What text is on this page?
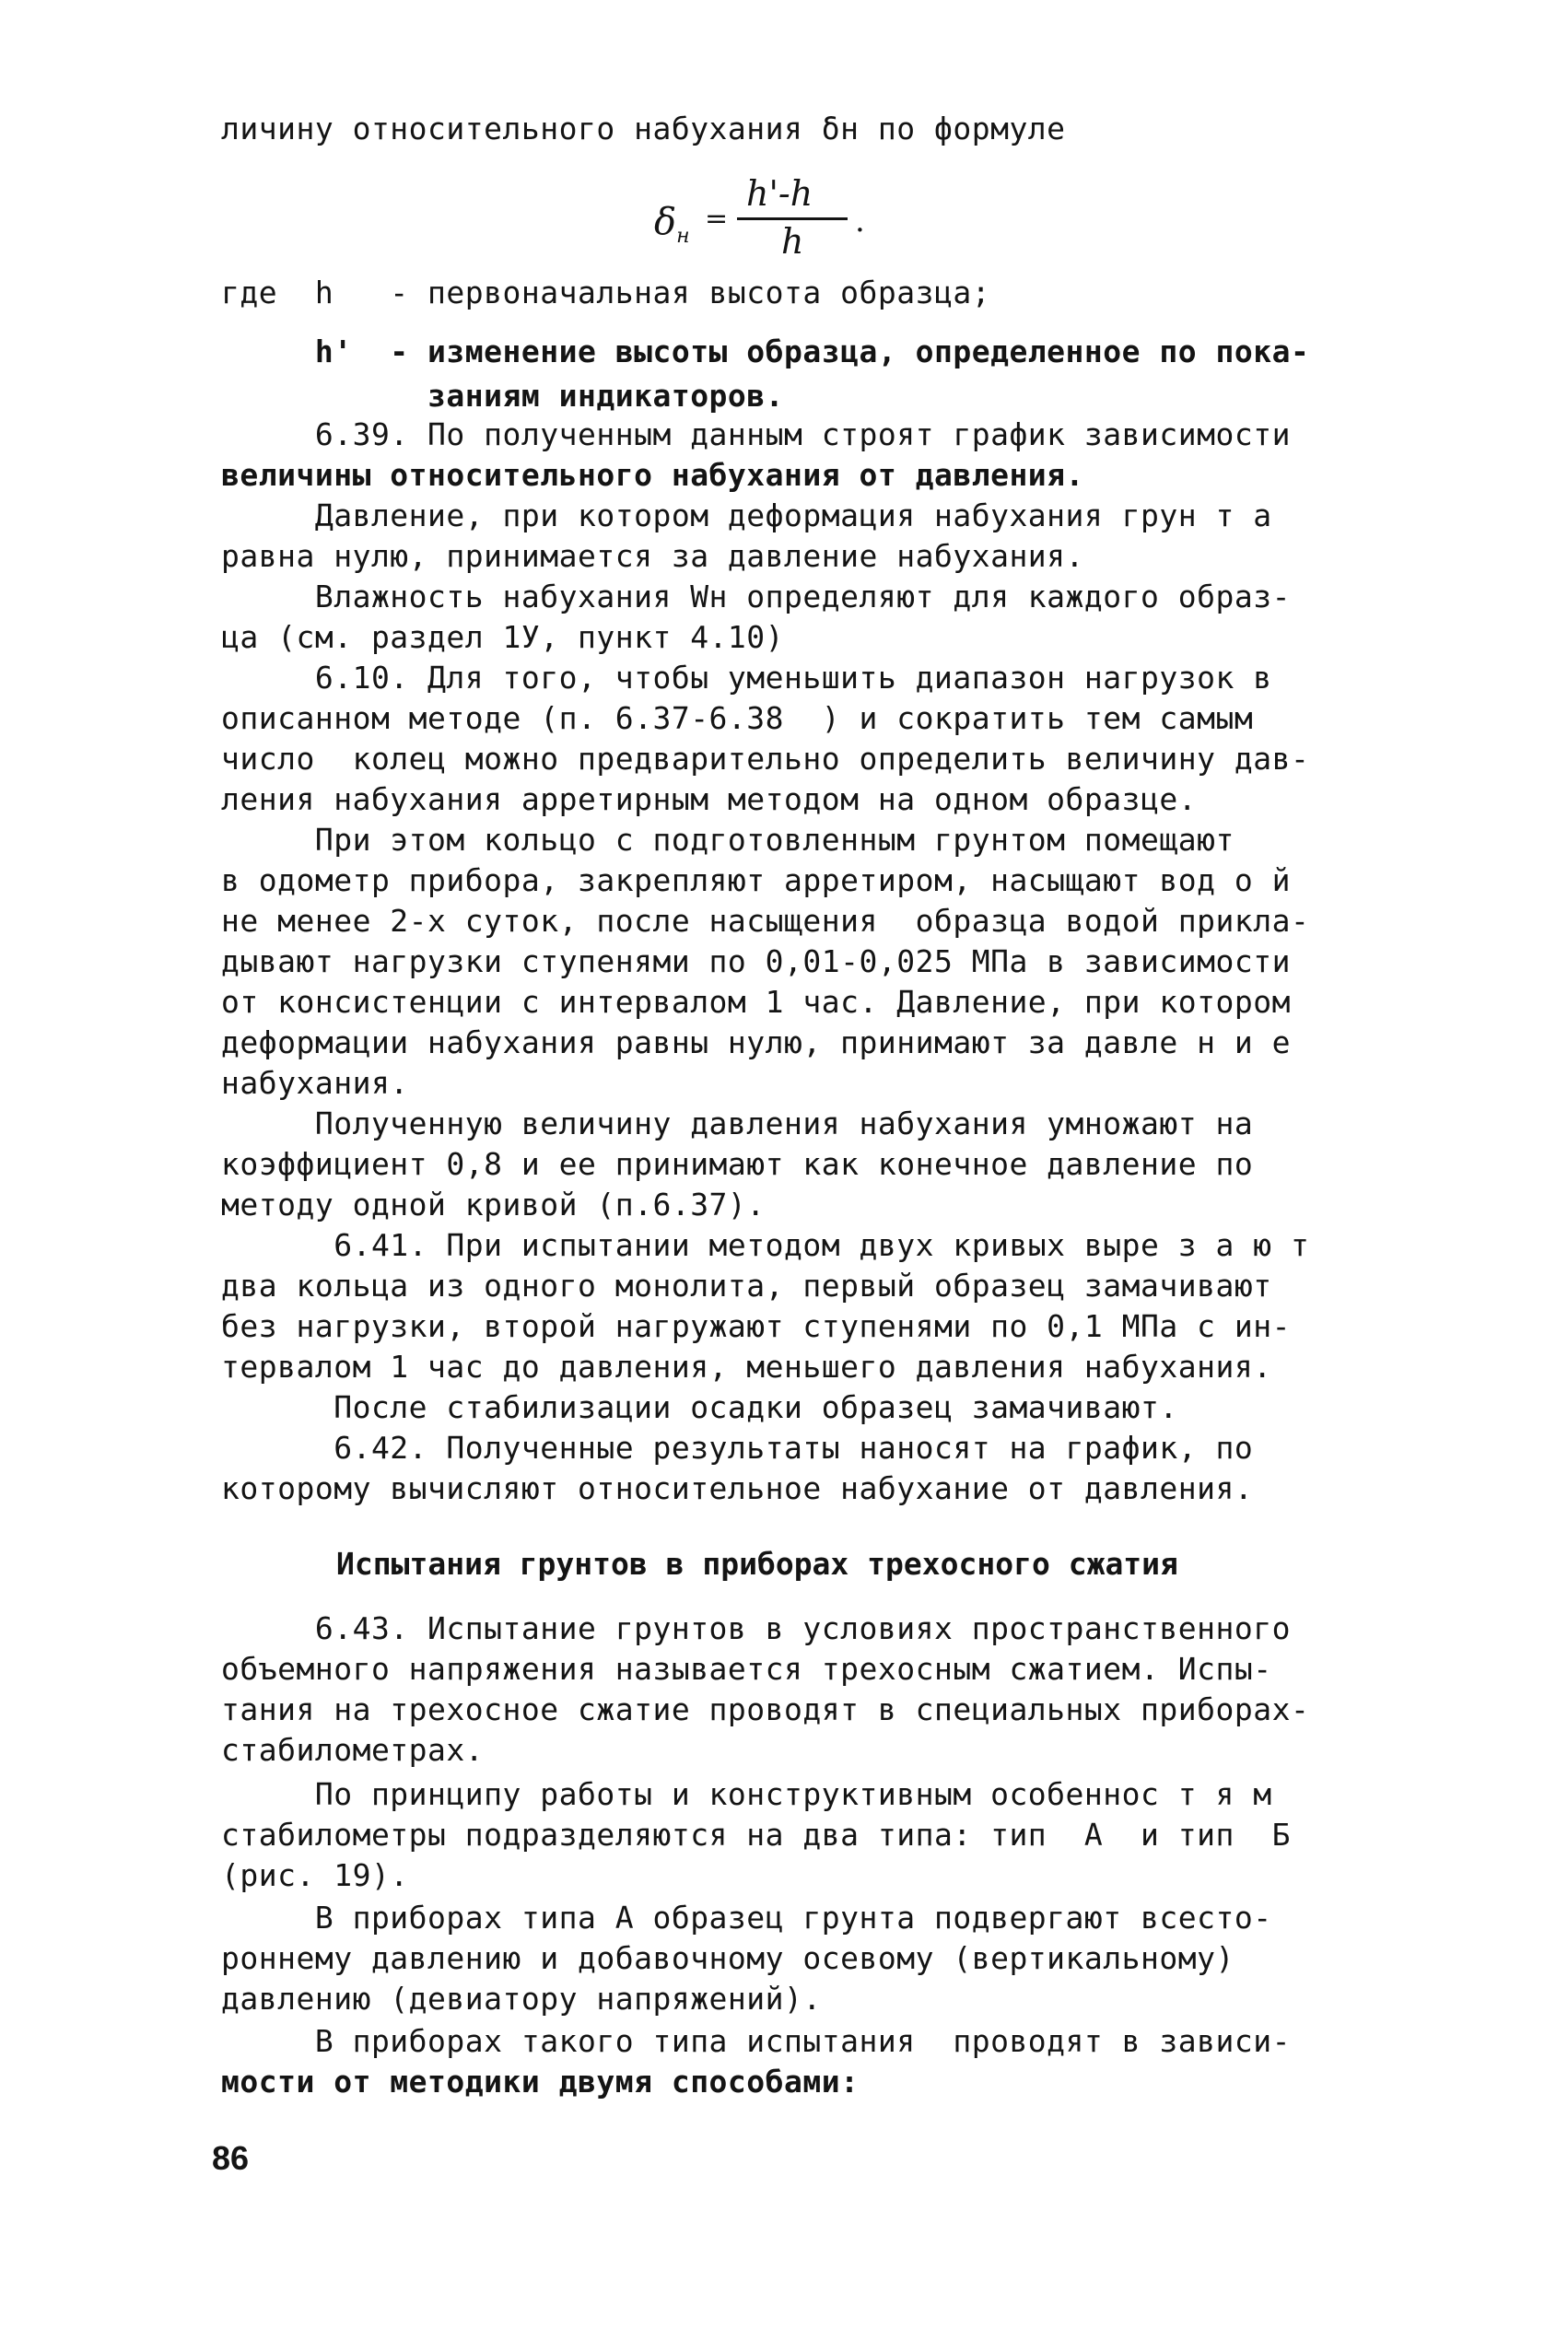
личину относительного набухания δн по формуле
$\delta_н$
=
h'-h
h .
где  h   - первоначальная высота образца;
h'  - изменение высоты образца, определенное по пока-
заниям индикаторов.
6.39. По полученным данным строят график зависимости
величины относительного набухания от давления.
Давление, при котором деформация набухания грун т а
равна нулю, принимается за давление набухания.
Влажность набухания Wн определяют для каждого образ-
ца (см. раздел 1У, пункт 4.10)
6.10. Для того, чтобы уменьшить диапазон нагрузок в
описанном методе (п. 6.37-6.38  ) и сократить тем самым
число  колец можно предварительно определить величину дав-
ления набухания арретирным методом на одном образце.
При этом кольцо с подготовленным грунтом помещают
в одометр прибора, закрепляют арретиром, насыщают вод о й
не менее 2-х суток, после насыщения  образца водой прикла-
дывают нагрузки ступенями по 0,01-0,025 МПа в зависимости
от консистенции с интервалом 1 час. Давление, при котором
деформации набухания равны нулю, принимают за давле н и е
набухания.
Полученную величину давления набухания умножают на
коэффициент 0,8 и ее принимают как конечное давление по
методу одной кривой (п.6.37).
6.41. При испытании методом двух кривых выре з а ю т
два кольца из одного монолита, первый образец замачивают
без нагрузки, второй нагружают ступенями по 0,1 МПа с ин-
тервалом 1 час до давления, меньшего давления набухания.
После стабилизации осадки образец замачивают.
6.42. Полученные результаты наносят на график, по
которому вычисляют относительное набухание от давления.
Испытания грунтов в приборах трехосного сжатия
6.43. Испытание грунтов в условиях пространственного
объемного напряжения называется трехосным сжатием. Испы-
тания на трехосное сжатие проводят в специальных приборах-
стабилометрах.
По принципу работы и конструктивным особеннос т я м
стабилометры подразделяются на два типа: тип  А  и тип  Б
(рис. 19).
В приборах типа А образец грунта подвергают всесто-
роннему давлению и добавочному осевому (вертикальному)
давлению (девиатору напряжений).
В приборах такого типа испытания  проводят в зависи-
мости от методики двумя способами:
86
